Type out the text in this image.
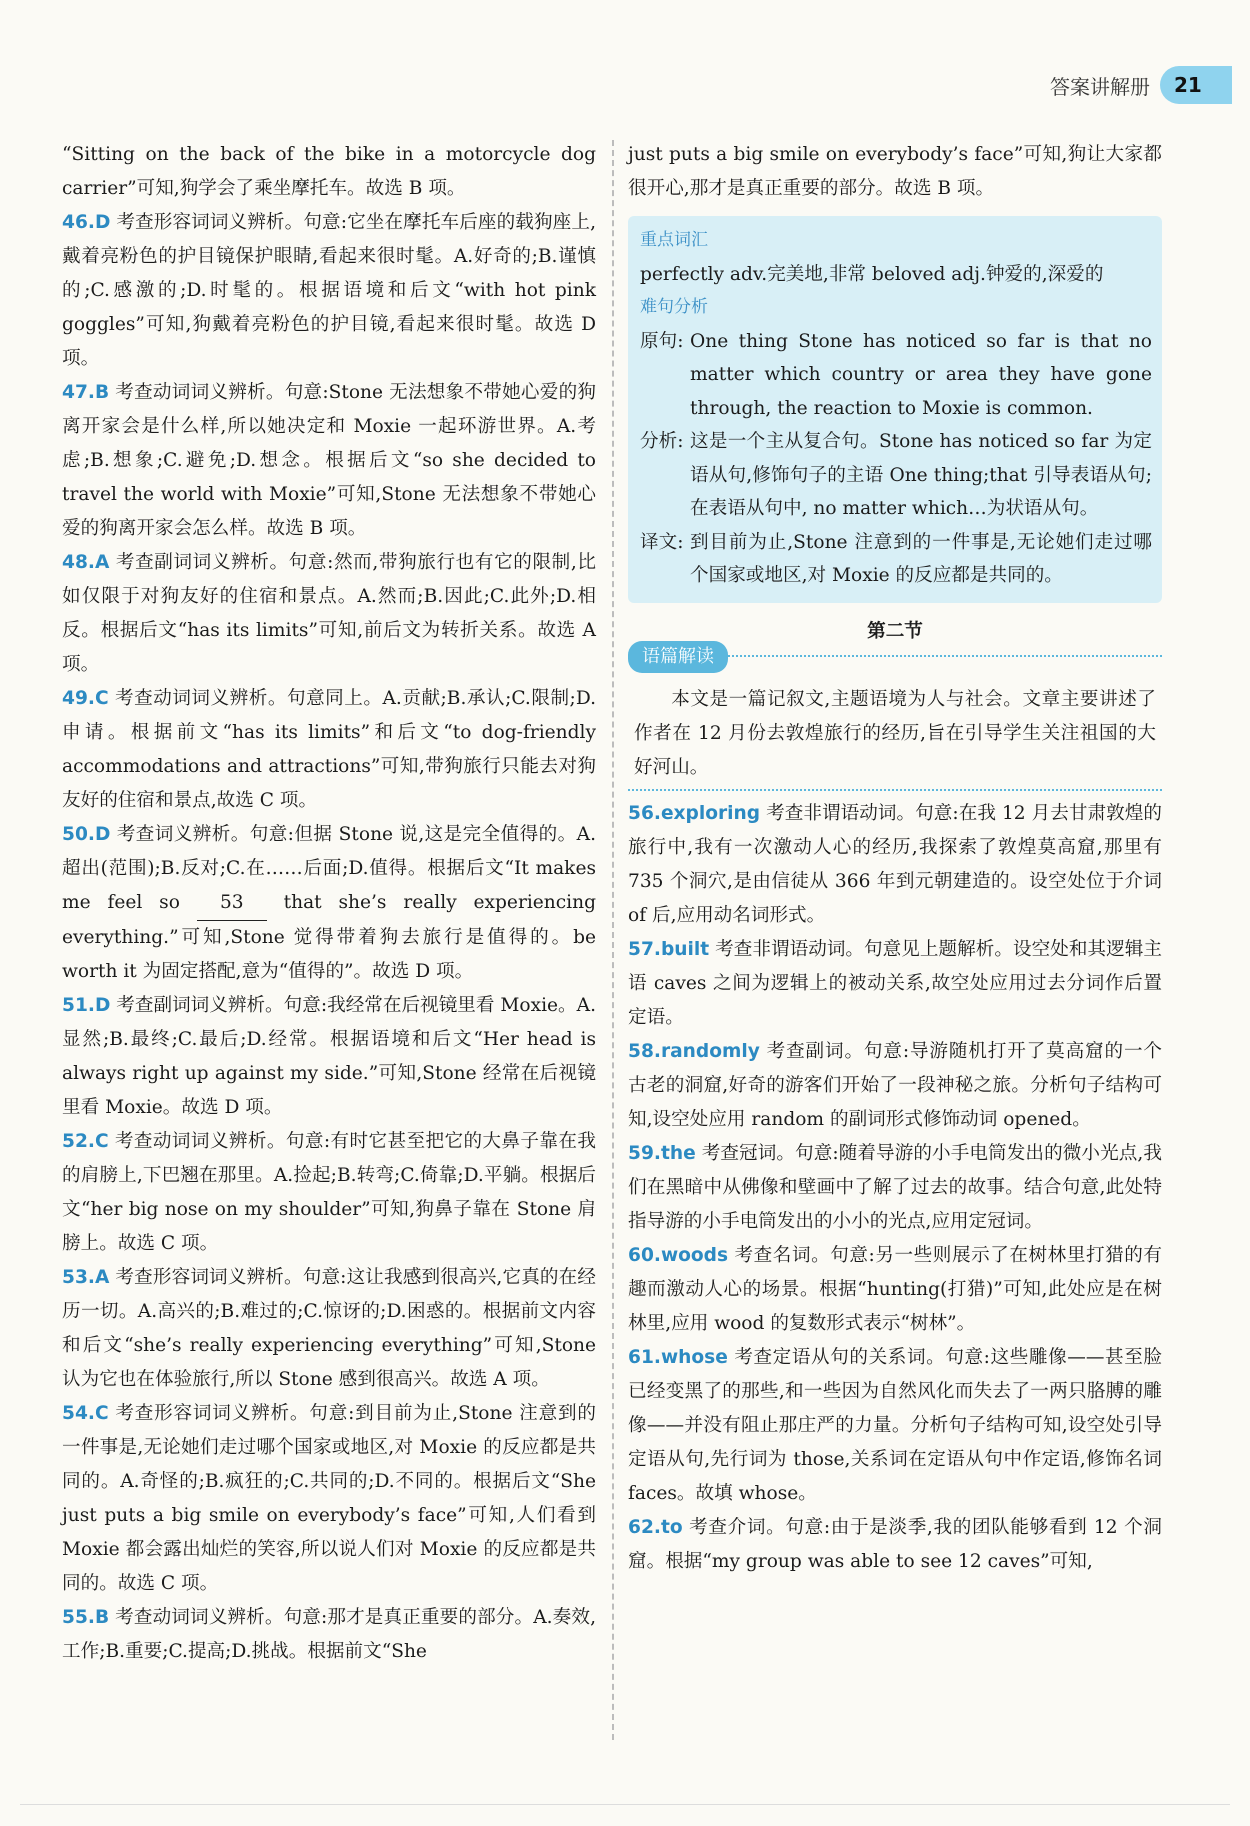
答案讲解册	21

“Sitting on the back of the bike in a motorcycle dog carrier”可知,狗学会了乘坐摩托车。故选 B 项。

46.D 考查形容词词义辨析。句意:它坐在摩托车后座的载狗座上,戴着亮粉色的护目镜保护眼睛,看起来很时髦。A.好奇的;B.谨慎的;C.感激的;D.时髦的。根据语境和后文“with hot pink goggles”可知,狗戴着亮粉色的护目镜,看起来很时髦。故选 D 项。

47.B 考查动词词义辨析。句意:Stone 无法想象不带她心爱的狗离开家会是什么样,所以她决定和 Moxie 一起环游世界。A.考虑;B.想象;C.避免;D.想念。根据后文“so she decided to travel the world with Moxie”可知,Stone 无法想象不带她心爱的狗离开家会怎么样。故选 B 项。

48.A 考查副词词义辨析。句意:然而,带狗旅行也有它的限制,比如仅限于对狗友好的住宿和景点。A.然而;B.因此;C.此外;D.相反。根据后文“has its limits”可知,前后文为转折关系。故选 A 项。

49.C 考查动词词义辨析。句意同上。A.贡献;B.承认;C.限制;D.申请。根据前文“has its limits”和后文“to dog-friendly accommodations and attractions”可知,带狗旅行只能去对狗友好的住宿和景点,故选 C 项。

50.D 考查词义辨析。句意:但据 Stone 说,这是完全值得的。A.超出(范围);B.反对;C.在……后面;D.值得。根据后文“It makes me feel so 53 that she’s really experiencing everything.”可知,Stone 觉得带着狗去旅行是值得的。be worth it 为固定搭配,意为“值得的”。故选 D 项。

51.D 考查副词词义辨析。句意:我经常在后视镜里看 Moxie。A.显然;B.最终;C.最后;D.经常。根据语境和后文“Her head is always right up against my side.”可知,Stone 经常在后视镜里看 Moxie。故选 D 项。

52.C 考查动词词义辨析。句意:有时它甚至把它的大鼻子靠在我的肩膀上,下巴翘在那里。A.捡起;B.转弯;C.倚靠;D.平躺。根据后文“her big nose on my shoulder”可知,狗鼻子靠在 Stone 肩膀上。故选 C 项。

53.A 考查形容词词义辨析。句意:这让我感到很高兴,它真的在经历一切。A.高兴的;B.难过的;C.惊讶的;D.困惑的。根据前文内容和后文“she’s really experiencing everything”可知,Stone 认为它也在体验旅行,所以 Stone 感到很高兴。故选 A 项。

54.C 考查形容词词义辨析。句意:到目前为止,Stone 注意到的一件事是,无论她们走过哪个国家或地区,对 Moxie 的反应都是共同的。A.奇怪的;B.疯狂的;C.共同的;D.不同的。根据后文“She just puts a big smile on everybody’s face”可知,人们看到 Moxie 都会露出灿烂的笑容,所以说人们对 Moxie 的反应都是共同的。故选 C 项。

55.B 考查动词词义辨析。句意:那才是真正重要的部分。A.奏效,工作;B.重要;C.提高;D.挑战。根据前文“She

just puts a big smile on everybody’s face”可知,狗让大家都很开心,那才是真正重要的部分。故选 B 项。

重点词汇
perfectly adv.完美地,非常 beloved adj.钟爱的,深爱的
难句分析
原句: One thing Stone has noticed so far is that no matter which country or area they have gone through, the reaction to Moxie is common.
分析: 这是一个主从复合句。Stone has noticed so far 为定语从句,修饰句子的主语 One thing;that 引导表语从句;在表语从句中, no matter which…为状语从句。
译文: 到目前为止,Stone 注意到的一件事是,无论她们走过哪个国家或地区,对 Moxie 的反应都是共同的。
第二节
语篇解读
本文是一篇记叙文,主题语境为人与社会。文章主要讲述了作者在 12 月份去敦煌旅行的经历,旨在引导学生关注祖国的大好河山。

56.exploring 考查非谓语动词。句意:在我 12 月去甘肃敦煌的旅行中,我有一次激动人心的经历,我探索了敦煌莫高窟,那里有 735 个洞穴,是由信徒从 366 年到元朝建造的。设空处位于介词 of 后,应用动名词形式。

57.built 考查非谓语动词。句意见上题解析。设空处和其逻辑主语 caves 之间为逻辑上的被动关系,故空处应用过去分词作后置定语。

58.randomly 考查副词。句意:导游随机打开了莫高窟的一个古老的洞窟,好奇的游客们开始了一段神秘之旅。分析句子结构可知,设空处应用 random 的副词形式修饰动词 opened。

59.the 考查冠词。句意:随着导游的小手电筒发出的微小光点,我们在黑暗中从佛像和壁画中了解了过去的故事。结合句意,此处特指导游的小手电筒发出的小小的光点,应用定冠词。

60.woods 考查名词。句意:另一些则展示了在树林里打猎的有趣而激动人心的场景。根据“hunting(打猎)”可知,此处应是在树林里,应用 wood 的复数形式表示“树林”。

61.whose 考查定语从句的关系词。句意:这些雕像——甚至脸已经变黑了的那些,和一些因为自然风化而失去了一两只胳膊的雕像——并没有阻止那庄严的力量。分析句子结构可知,设空处引导定语从句,先行词为 those,关系词在定语从句中作定语,修饰名词 faces。故填 whose。

62.to 考查介词。句意:由于是淡季,我的团队能够看到 12 个洞窟。根据“my group was able to see 12 caves”可知,
